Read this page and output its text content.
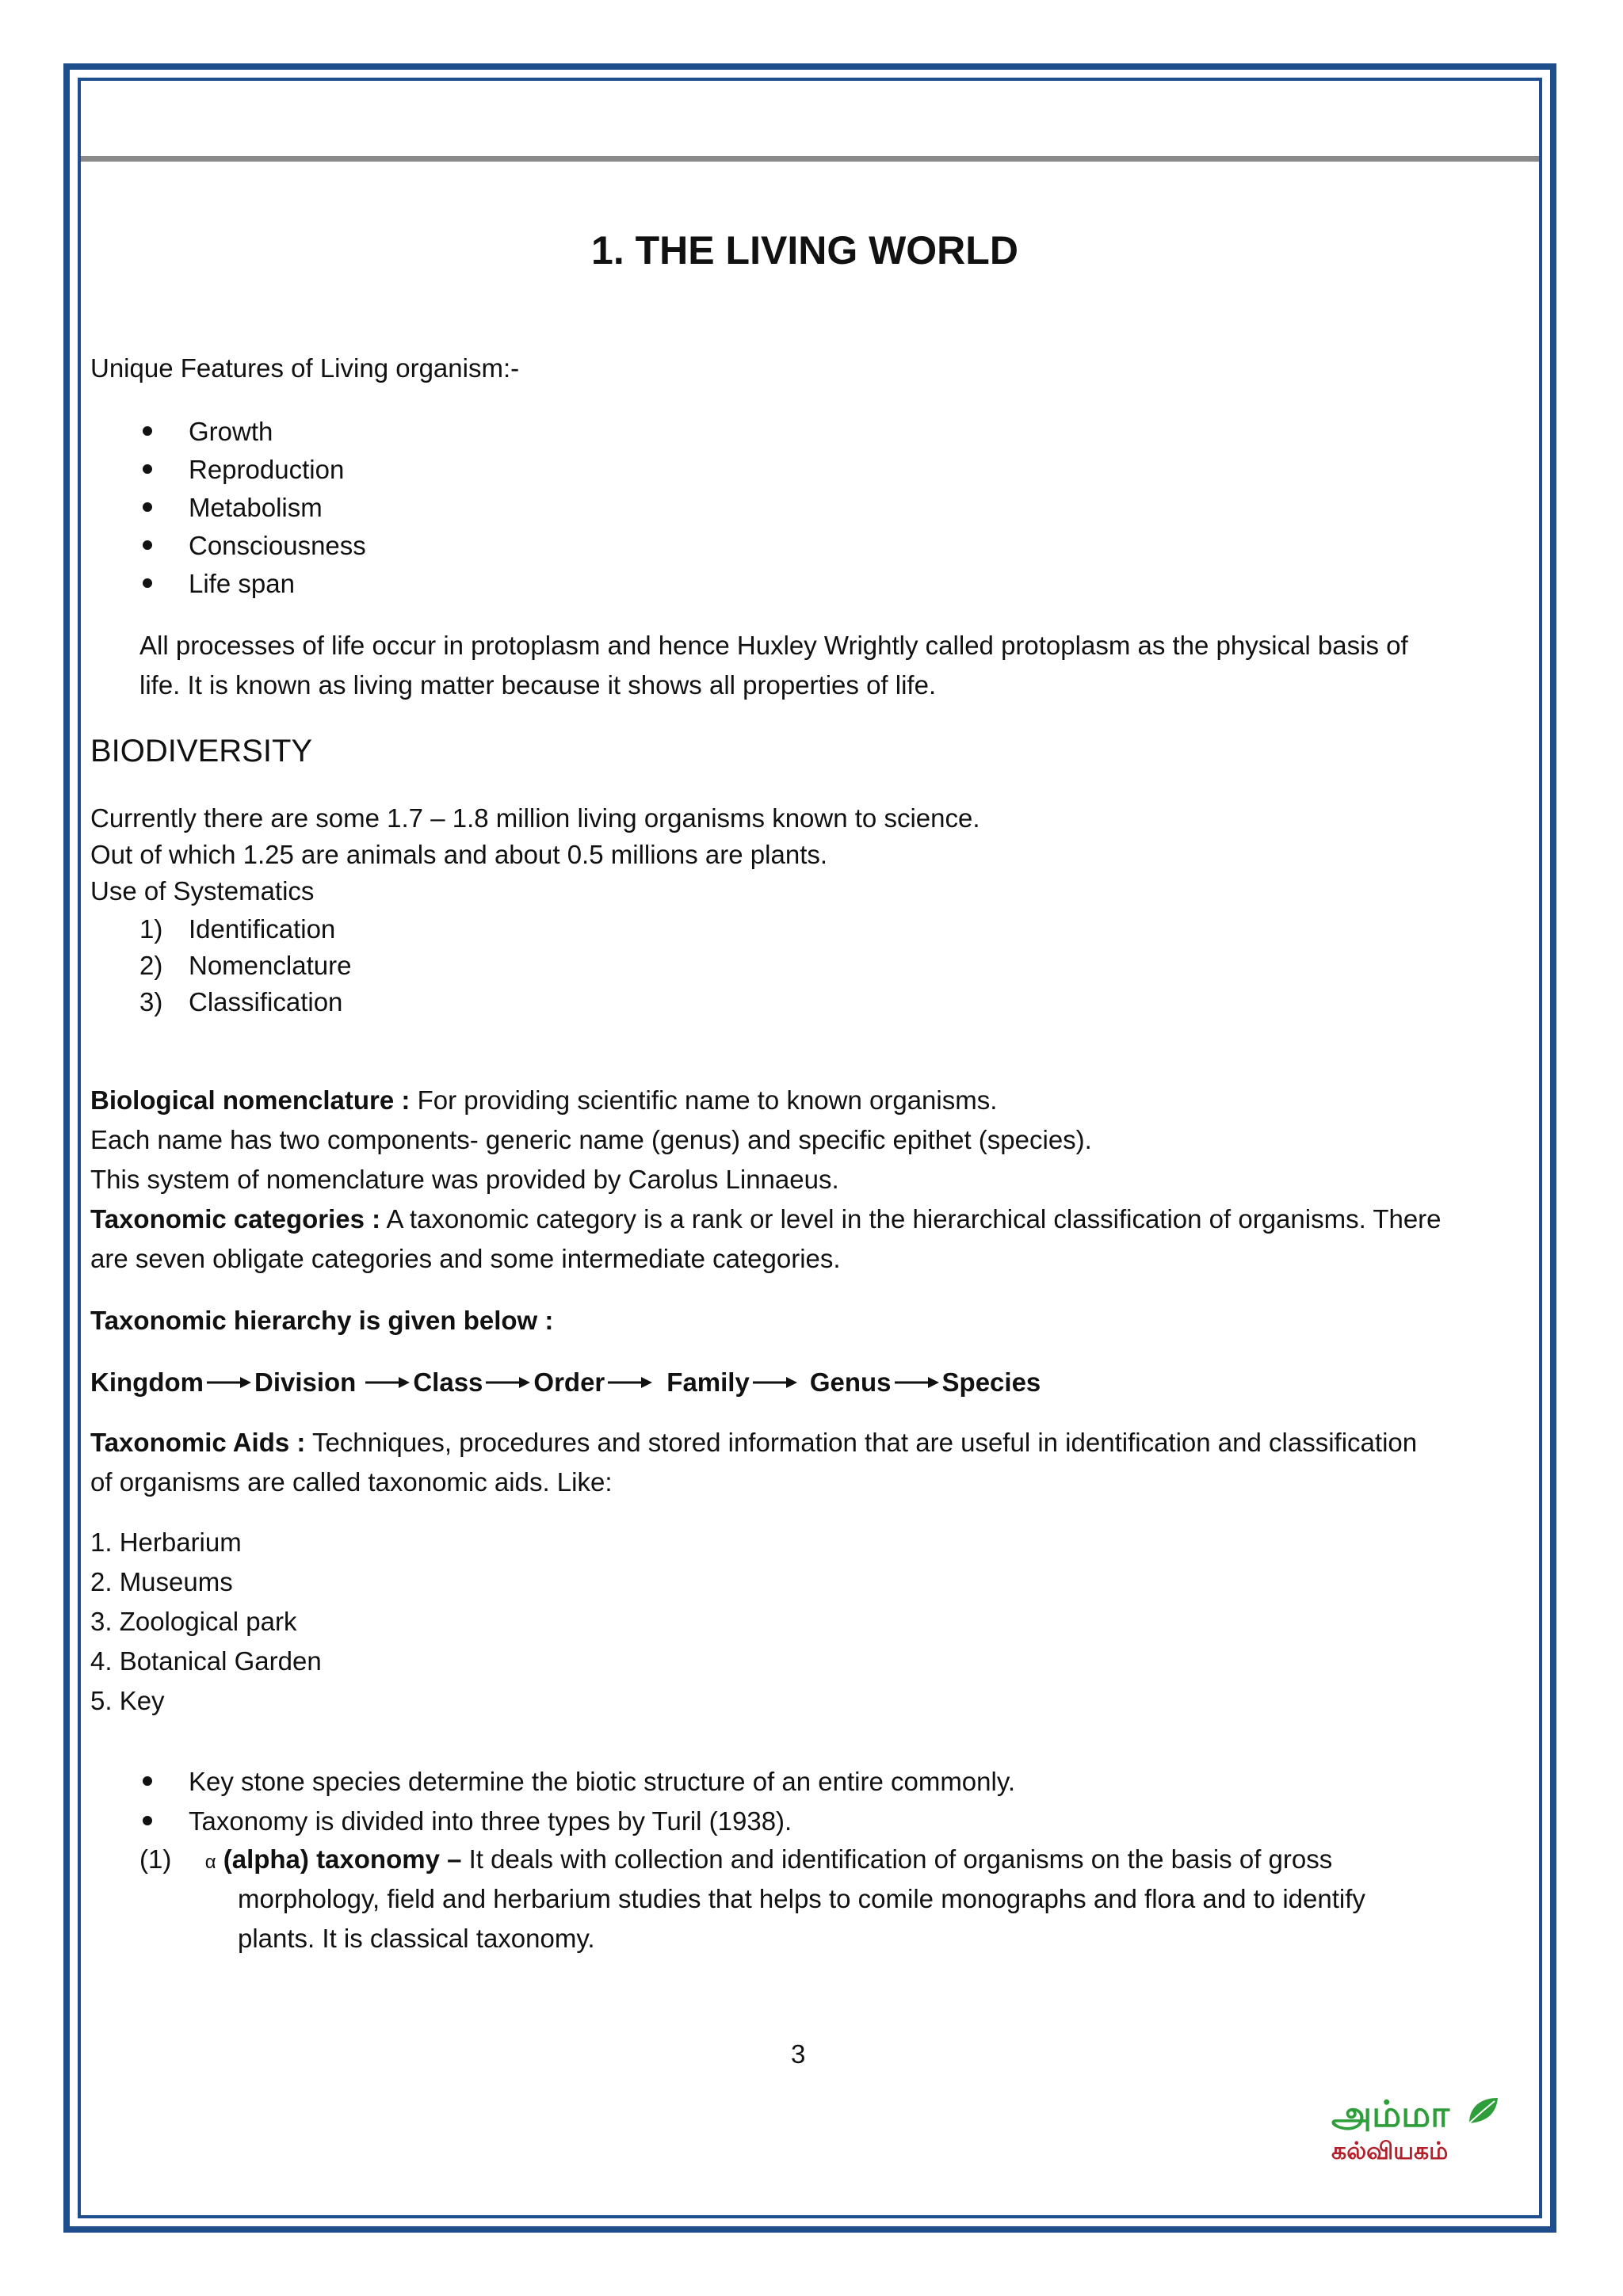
1. THE LIVING WORLD
Unique Features of Living organism:-
Growth
Reproduction
Metabolism
Consciousness
Life span
All processes of life occur in protoplasm and hence Huxley Wrightly called protoplasm as the physical basis of
life. It is known as living matter because it shows all properties of life.
BIODIVERSITY
Currently there are some 1.7 – 1.8 million living organisms known to science.
Out of which 1.25 are animals and about 0.5 millions are plants.
Use of Systematics
1) Identification
2) Nomenclature
3) Classification
Biological nomenclature : For providing scientific name to known organisms.
Each name has two components- generic name (genus) and specific epithet (species).
This system of nomenclature was provided by Carolus Linnaeus.
Taxonomic categories : A taxonomic category is a rank or level in the hierarchical classification of organisms. There
are seven obligate categories and some intermediate categories.
Taxonomic hierarchy is given below :
Kingdom Division Class Order Family Genus Species
Taxonomic Aids : Techniques, procedures and stored information that are useful in identification and classification
of organisms are called taxonomic aids. Like:
1. Herbarium
2. Museums
3. Zoological park
4. Botanical Garden
5. Key
Key stone species determine the biotic structure of an entire commonly.
Taxonomy is divided into three types by Turil (1938).
(1) α (alpha) taxonomy – It deals with collection and identification of organisms on the basis of gross
morphology, field and herbarium studies that helps to comile monographs and flora and to identify
plants. It is classical taxonomy.
3
அம்மா
கல்வியகம்
